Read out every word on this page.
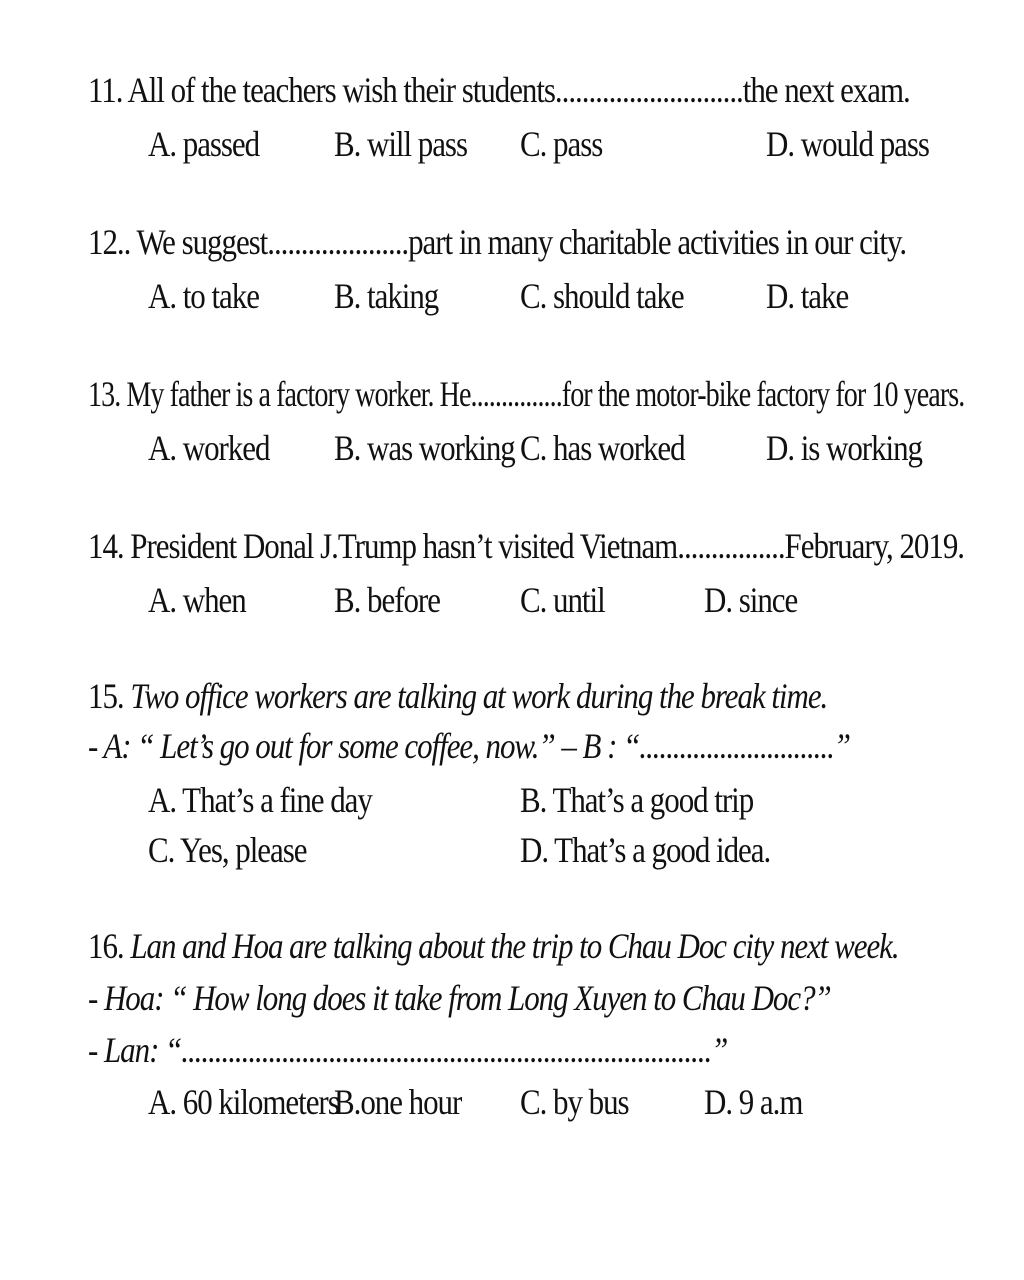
11. All of the teachers wish their students............................the next exam.
A. passed B. will pass C. pass	D. would pass
12.. We suggest.....................part in many charitable activities in our city.
A. to take B. taking C. should take D. take
13. My father is a factory worker. He...............for the motor-bike factory for 10 years.
A. worked B. was working C. has worked D. is working
14. President Donal J.Trump hasn’t visited Vietnam................February, 2019.
A. when B. before C. until	D. since
15. Two office workers are talking at work during the break time.
- A: “ Let’s go out for some coffee, now.” – B : “.............................”
A. That’s a fine day	B. That’s a good trip
C. Yes, please	D. That’s a good idea.
16. Lan and Hoa are talking about the trip to Chau Doc city next week.
- Hoa: “ How long does it take from Long Xuyen to Chau Doc?”
- Lan: “...............................................................................”
A. 60 kilometers
B.one hour C. by bus D. 9 a.m
